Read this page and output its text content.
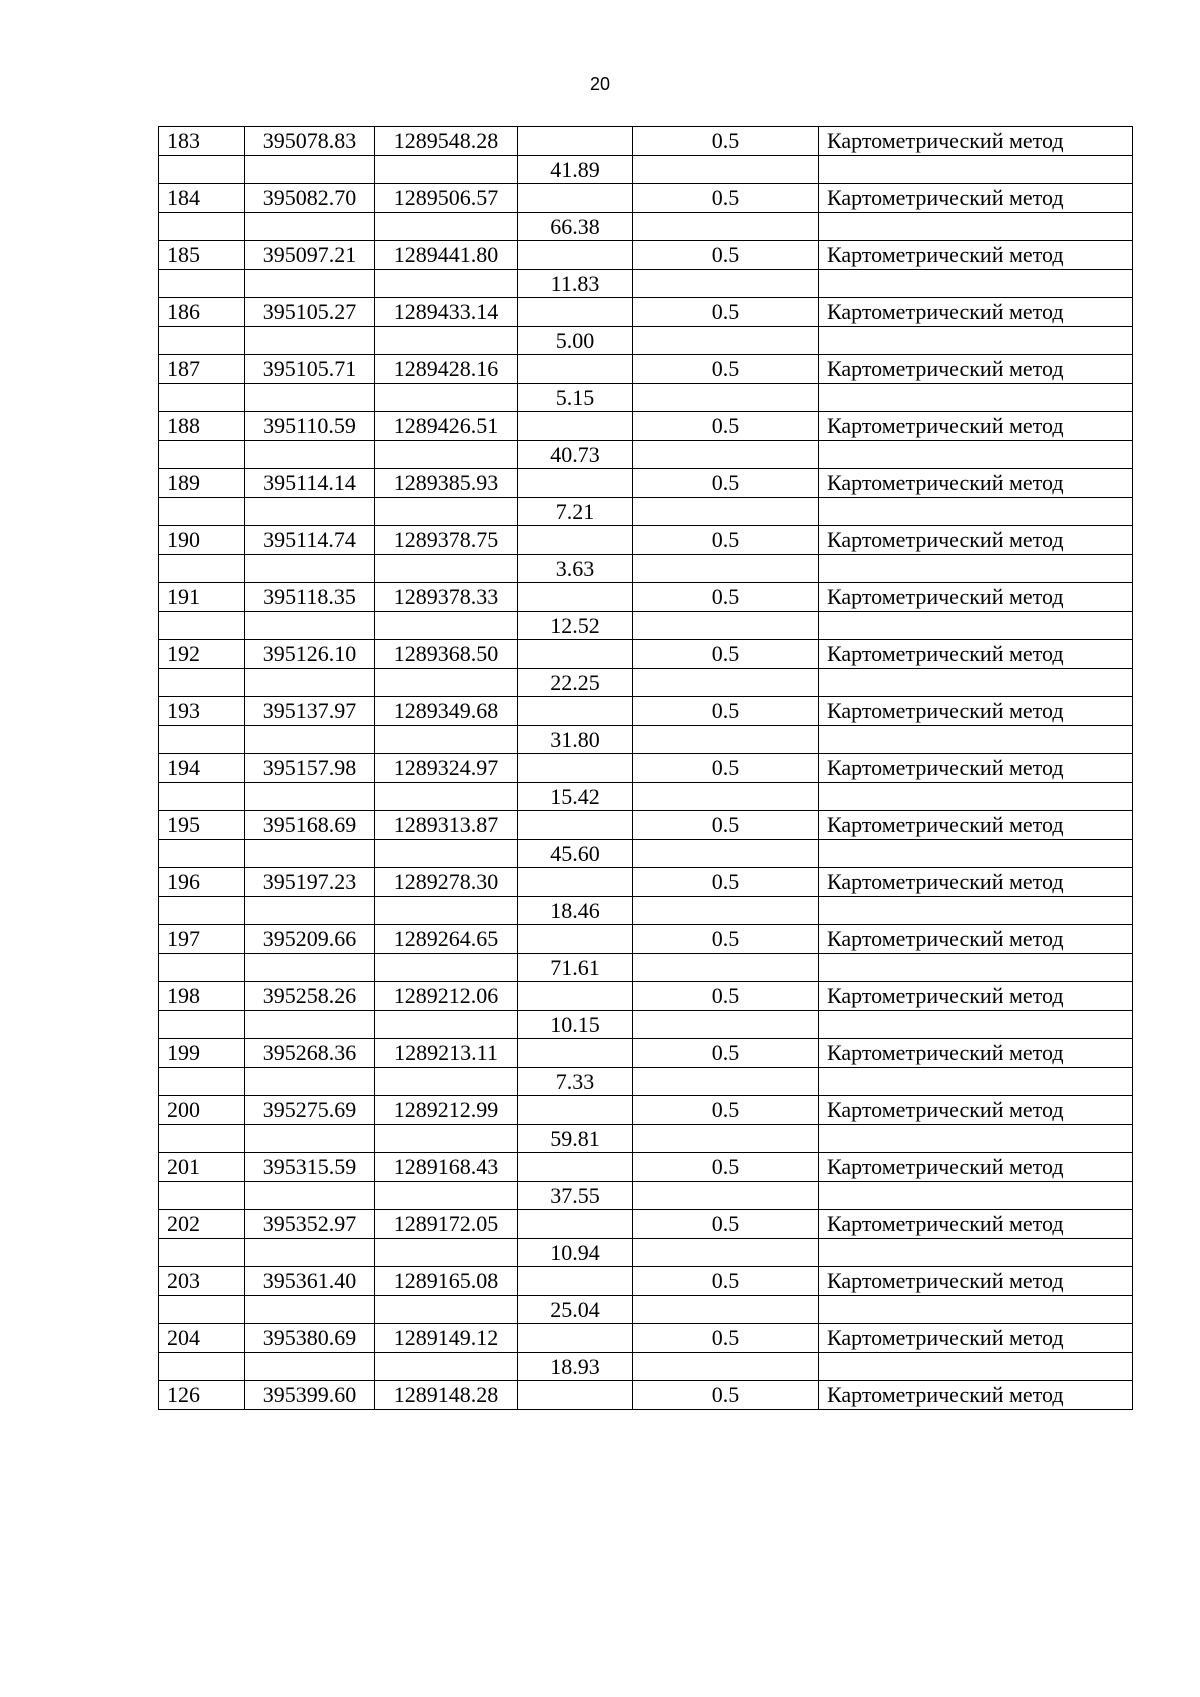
20
183	395078.83	1289548.28		0.5	Картометрический метод
			41.89		
184	395082.70	1289506.57		0.5	Картометрический метод
			66.38		
185	395097.21	1289441.80		0.5	Картометрический метод
			11.83		
186	395105.27	1289433.14		0.5	Картометрический метод
			5.00		
187	395105.71	1289428.16		0.5	Картометрический метод
			5.15		
188	395110.59	1289426.51		0.5	Картометрический метод
			40.73		
189	395114.14	1289385.93		0.5	Картометрический метод
			7.21		
190	395114.74	1289378.75		0.5	Картометрический метод
			3.63		
191	395118.35	1289378.33		0.5	Картометрический метод
			12.52		
192	395126.10	1289368.50		0.5	Картометрический метод
			22.25		
193	395137.97	1289349.68		0.5	Картометрический метод
			31.80		
194	395157.98	1289324.97		0.5	Картометрический метод
			15.42		
195	395168.69	1289313.87		0.5	Картометрический метод
			45.60		
196	395197.23	1289278.30		0.5	Картометрический метод
			18.46		
197	395209.66	1289264.65		0.5	Картометрический метод
			71.61		
198	395258.26	1289212.06		0.5	Картометрический метод
			10.15		
199	395268.36	1289213.11		0.5	Картометрический метод
			7.33		
200	395275.69	1289212.99		0.5	Картометрический метод
			59.81		
201	395315.59	1289168.43		0.5	Картометрический метод
			37.55		
202	395352.97	1289172.05		0.5	Картометрический метод
			10.94		
203	395361.40	1289165.08		0.5	Картометрический метод
			25.04		
204	395380.69	1289149.12		0.5	Картометрический метод
			18.93		
126	395399.60	1289148.28		0.5	Картометрический метод
